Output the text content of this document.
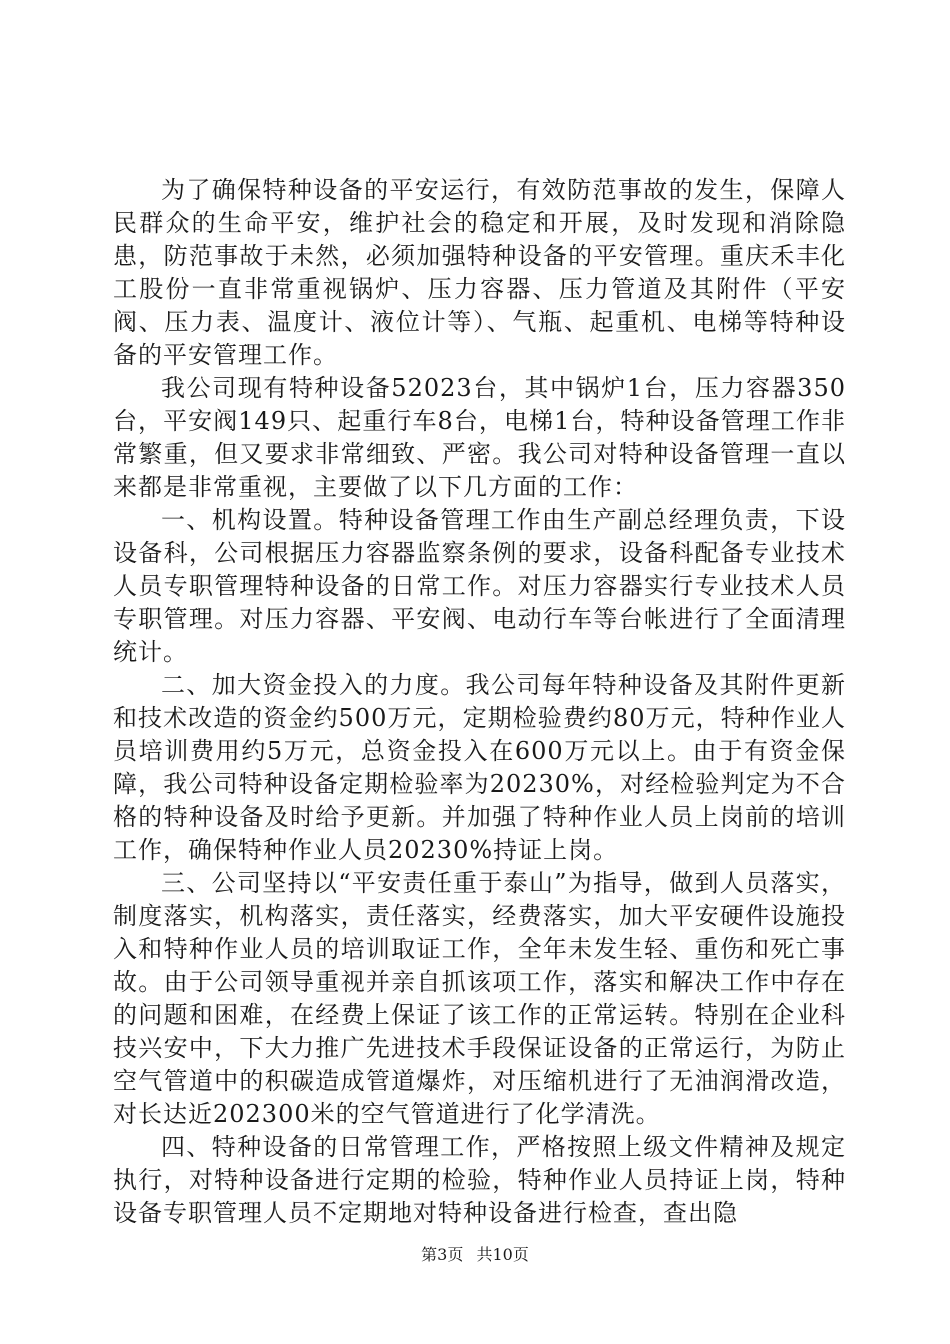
为了确保特种设备的平安运行，有效防范事故的发生，保障人民群众的生命平安，维护社会的稳定和开展，及时发现和消除隐患，防范事故于未然，必须加强特种设备的平安管理。重庆禾丰化工股份一直非常重视锅炉、压力容器、压力管道及其附件（平安阀、压力表、温度计、液位计等）、气瓶、起重机、电梯等特种设备的平安管理工作。

我公司现有特种设备52023台，其中锅炉1台，压力容器350台，平安阀149只、起重行车8台，电梯1台，特种设备管理工作非常繁重，但又要求非常细致、严密。我公司对特种设备管理一直以来都是非常重视，主要做了以下几方面的工作：

一、机构设置。特种设备管理工作由生产副总经理负责，下设设备科，公司根据压力容器监察条例的要求，设备科配备专业技术人员专职管理特种设备的日常工作。对压力容器实行专业技术人员专职管理。对压力容器、平安阀、电动行车等台帐进行了全面清理统计。

二、加大资金投入的力度。我公司每年特种设备及其附件更新和技术改造的资金约500万元，定期检验费约80万元，特种作业人员培训费用约5万元，总资金投入在600万元以上。由于有资金保障，我公司特种设备定期检验率为20230%，对经检验判定为不合格的特种设备及时给予更新。并加强了特种作业人员上岗前的培训工作，确保特种作业人员20230%持证上岗。

三、公司坚持以“平安责任重于泰山”为指导，做到人员落实，制度落实，机构落实，责任落实，经费落实，加大平安硬件设施投入和特种作业人员的培训取证工作，全年未发生轻、重伤和死亡事故。由于公司领导重视并亲自抓该项工作，落实和解决工作中存在的问题和困难，在经费上保证了该工作的正常运转。特别在企业科技兴安中，下大力推广先进技术手段保证设备的正常运行，为防止空气管道中的积碳造成管道爆炸，对压缩机进行了无油润滑改造，对长达近202300米的空气管道进行了化学清洗。

四、特种设备的日常管理工作，严格按照上级文件精神及规定执行，对特种设备进行定期的检验，特种作业人员持证上岗，特种设备专职管理人员不定期地对特种设备进行检查，查出隐

第3页 共10页
